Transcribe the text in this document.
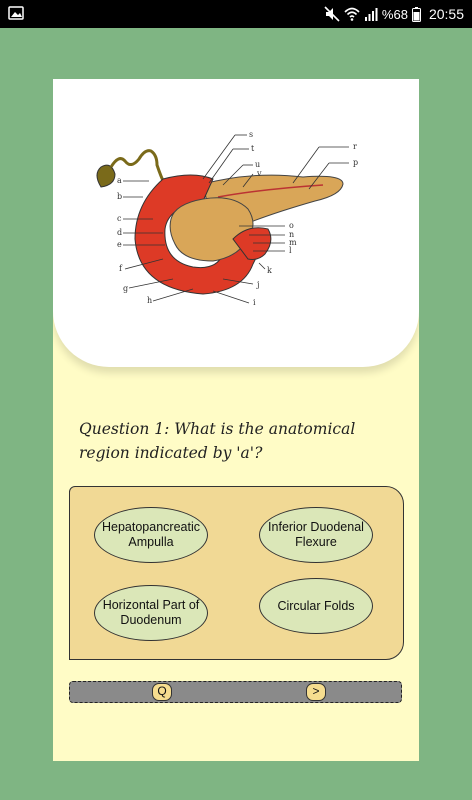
%68 20:55
s
t
u
v
r
p
a
b
c
d
e
f
g
h
o
n
m
l
k
j
i
Question 1: What is the anatomical region indicated by 'a'?
Hepatopancreatic Ampulla
Inferior Duodenal Flexure
Horizontal Part of Duodenum
Circular Folds
Q	>
